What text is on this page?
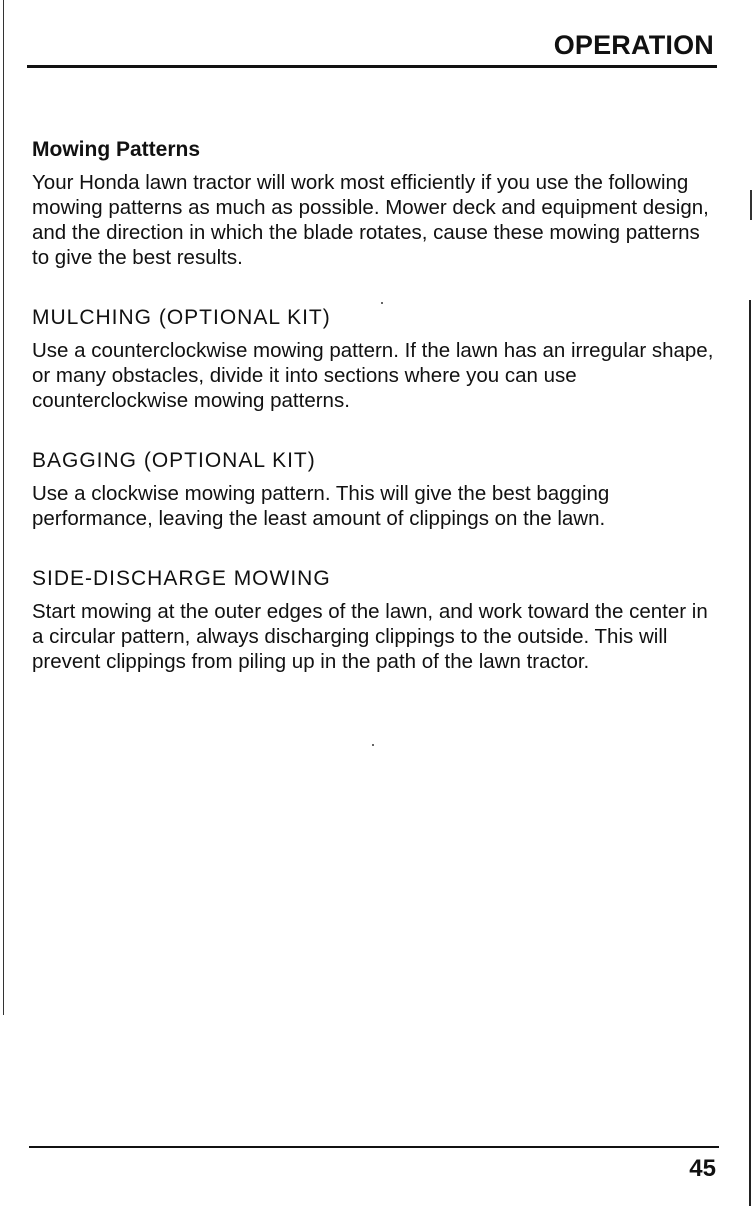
OPERATION
Mowing Patterns

Your Honda lawn tractor will work most efficiently if you use the following mowing patterns as much as possible. Mower deck and equipment design, and the direction in which the blade rotates, cause these mowing patterns to give the best results.

MULCHING (OPTIONAL KIT)

Use a counterclockwise mowing pattern. If the lawn has an irregular shape, or many obstacles, divide it into sections where you can use counterclockwise mowing patterns.

BAGGING (OPTIONAL KIT)

Use a clockwise mowing pattern. This will give the best bagging performance, leaving the least amount of clippings on the lawn.

SIDE-DISCHARGE MOWING

Start mowing at the outer edges of the lawn, and work toward the center in a circular pattern, always discharging clippings to the outside. This will prevent clippings from piling up in the path of the lawn tractor.

45
